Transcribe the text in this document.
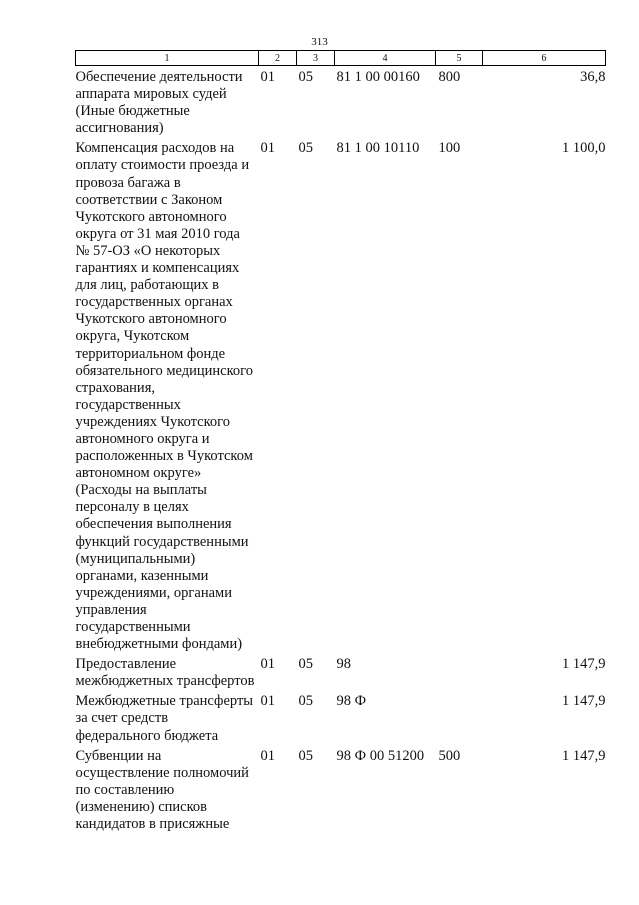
313
1	2	3	4	5	6
Обеспечение деятельности аппарата мировых судей (Иные бюджетные ассигнования)	01	05	81 1 00 00160	800	36,8
Компенсация расходов на оплату стоимости проезда и провоза багажа в соответствии с Законом Чукотского автономного округа от 31 мая 2010 года № 57-ОЗ «О некоторых гарантиях и компенсациях для лиц, работающих в государственных органах Чукотского автономного округа, Чукотском территориальном фонде обязательного медицинского страхования, государственных учреждениях Чукотского автономного округа и расположенных в Чукотском автономном округе» (Расходы на выплаты персоналу в целях обеспечения выполнения функций государственными (муниципальными) органами, казенными учреждениями, органами управления государственными внебюджетными фондами)	01	05	81 1 00 10110	100	1 100,0
Предоставление межбюджетных трансфертов	01	05	98		1 147,9
Межбюджетные трансферты за счет средств федерального бюджета	01	05	98 Ф		1 147,9
Субвенции на осуществление полномочий по составлению (изменению) списков кандидатов в присяжные	01	05	98 Ф 00 51200	500	1 147,9
